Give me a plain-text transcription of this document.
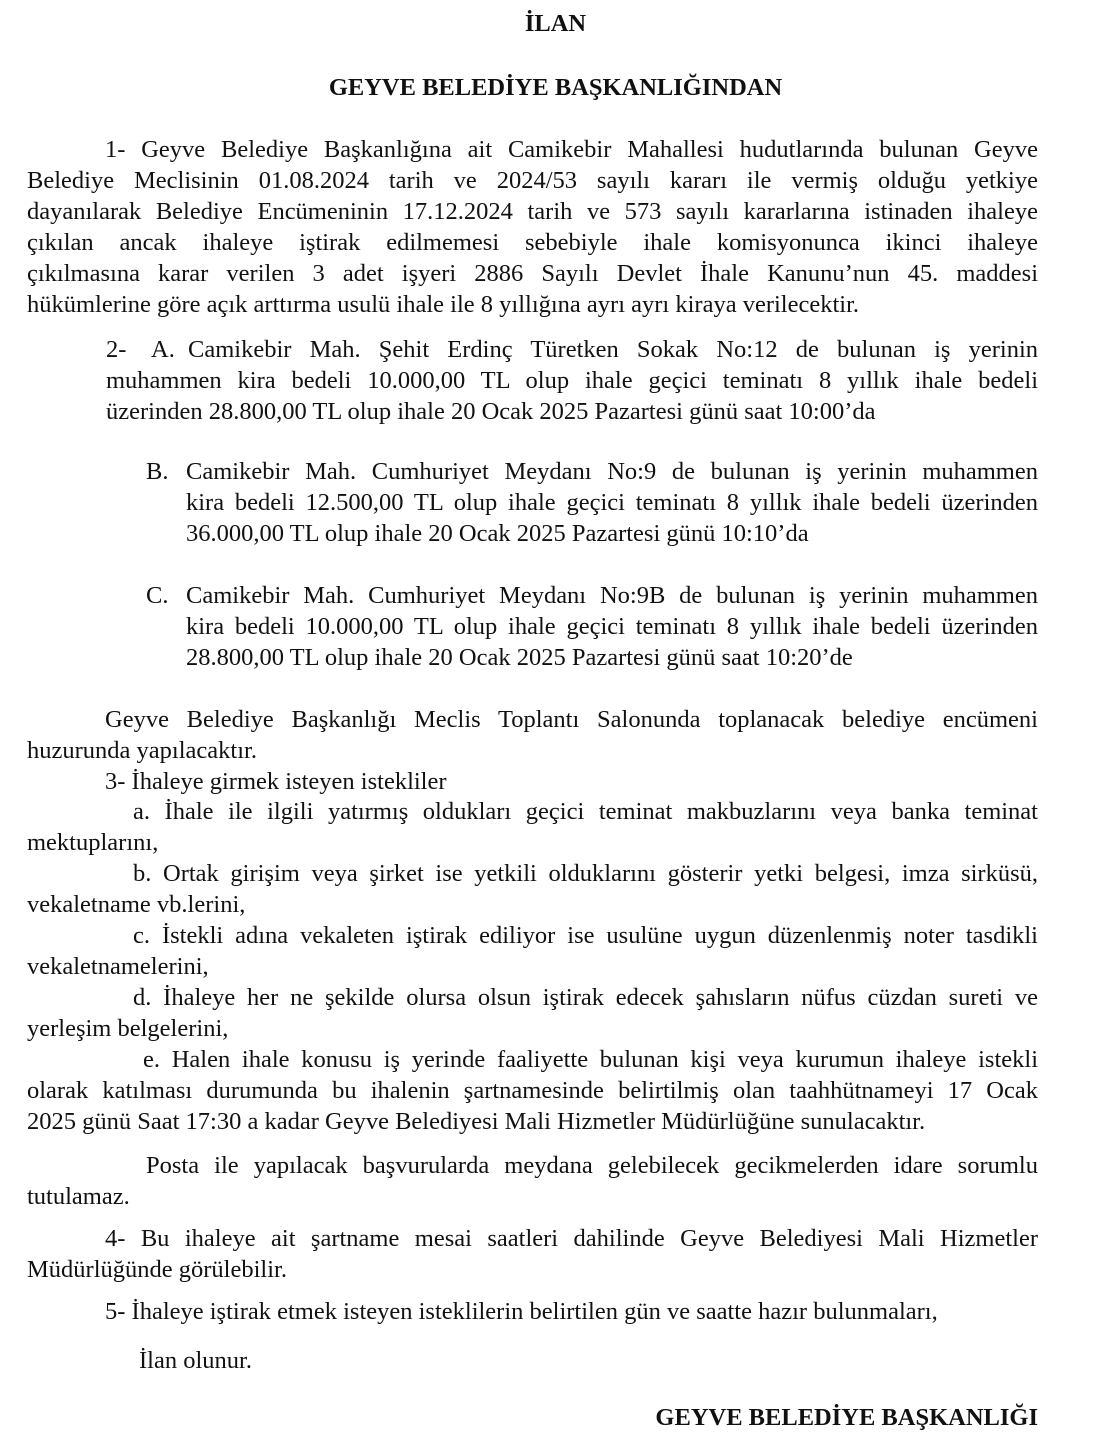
İLAN
GEYVE BELEDİYE BAŞKANLIĞINDAN
1- Geyve Belediye Başkanlığına ait Camikebir Mahallesi hudutlarında bulunan Geyve
Belediye Meclisinin 01.08.2024 tarih ve 2024/53 sayılı kararı ile vermiş olduğu yetkiye
dayanılarak Belediye Encümeninin 17.12.2024 tarih ve 573 sayılı kararlarına istinaden ihaleye
çıkılan ancak ihaleye iştirak edilmemesi sebebiyle ihale komisyonunca ikinci ihaleye
çıkılmasına karar verilen 3 adet işyeri 2886 Sayılı Devlet İhale Kanunu’nun 45. maddesi
hükümlerine göre açık arttırma usulü ihale ile 8 yıllığına ayrı ayrı kiraya verilecektir.
2- A. Camikebir Mah. Şehit Erdinç Türetken Sokak No:12 de bulunan iş yerinin
muhammen kira bedeli 10.000,00 TL olup ihale geçici teminatı 8 yıllık ihale bedeli
üzerinden 28.800,00 TL olup ihale 20 Ocak 2025 Pazartesi günü saat 10:00’da
B. Camikebir Mah. Cumhuriyet Meydanı No:9 de bulunan iş yerinin muhammen
kira bedeli 12.500,00 TL olup ihale geçici teminatı 8 yıllık ihale bedeli üzerinden
36.000,00 TL olup ihale 20 Ocak 2025 Pazartesi günü 10:10’da
C. Camikebir Mah. Cumhuriyet Meydanı No:9B de bulunan iş yerinin muhammen
kira bedeli 10.000,00 TL olup ihale geçici teminatı 8 yıllık ihale bedeli üzerinden
28.800,00 TL olup ihale 20 Ocak 2025 Pazartesi günü saat 10:20’de
Geyve Belediye Başkanlığı Meclis Toplantı Salonunda toplanacak belediye encümeni
huzurunda yapılacaktır.
3- İhaleye girmek isteyen istekliler
a. İhale ile ilgili yatırmış oldukları geçici teminat makbuzlarını veya banka teminat
mektuplarını,
b. Ortak girişim veya şirket ise yetkili olduklarını gösterir yetki belgesi, imza sirküsü,
vekaletname vb.lerini,
c. İstekli adına vekaleten iştirak ediliyor ise usulüne uygun düzenlenmiş noter tasdikli
vekaletnamelerini,
d. İhaleye her ne şekilde olursa olsun iştirak edecek şahısların nüfus cüzdan sureti ve
yerleşim belgelerini,
e. Halen ihale konusu iş yerinde faaliyette bulunan kişi veya kurumun ihaleye istekli
olarak katılması durumunda bu ihalenin şartnamesinde belirtilmiş olan taahhütnameyi 17 Ocak
2025 günü Saat 17:30 a kadar Geyve Belediyesi Mali Hizmetler Müdürlüğüne sunulacaktır.
Posta ile yapılacak başvurularda meydana gelebilecek gecikmelerden idare sorumlu
tutulamaz.
4- Bu ihaleye ait şartname mesai saatleri dahilinde Geyve Belediyesi Mali Hizmetler
Müdürlüğünde görülebilir.
5- İhaleye iştirak etmek isteyen isteklilerin belirtilen gün ve saatte hazır bulunmaları,
İlan olunur.
GEYVE BELEDİYE BAŞKANLIĞI
